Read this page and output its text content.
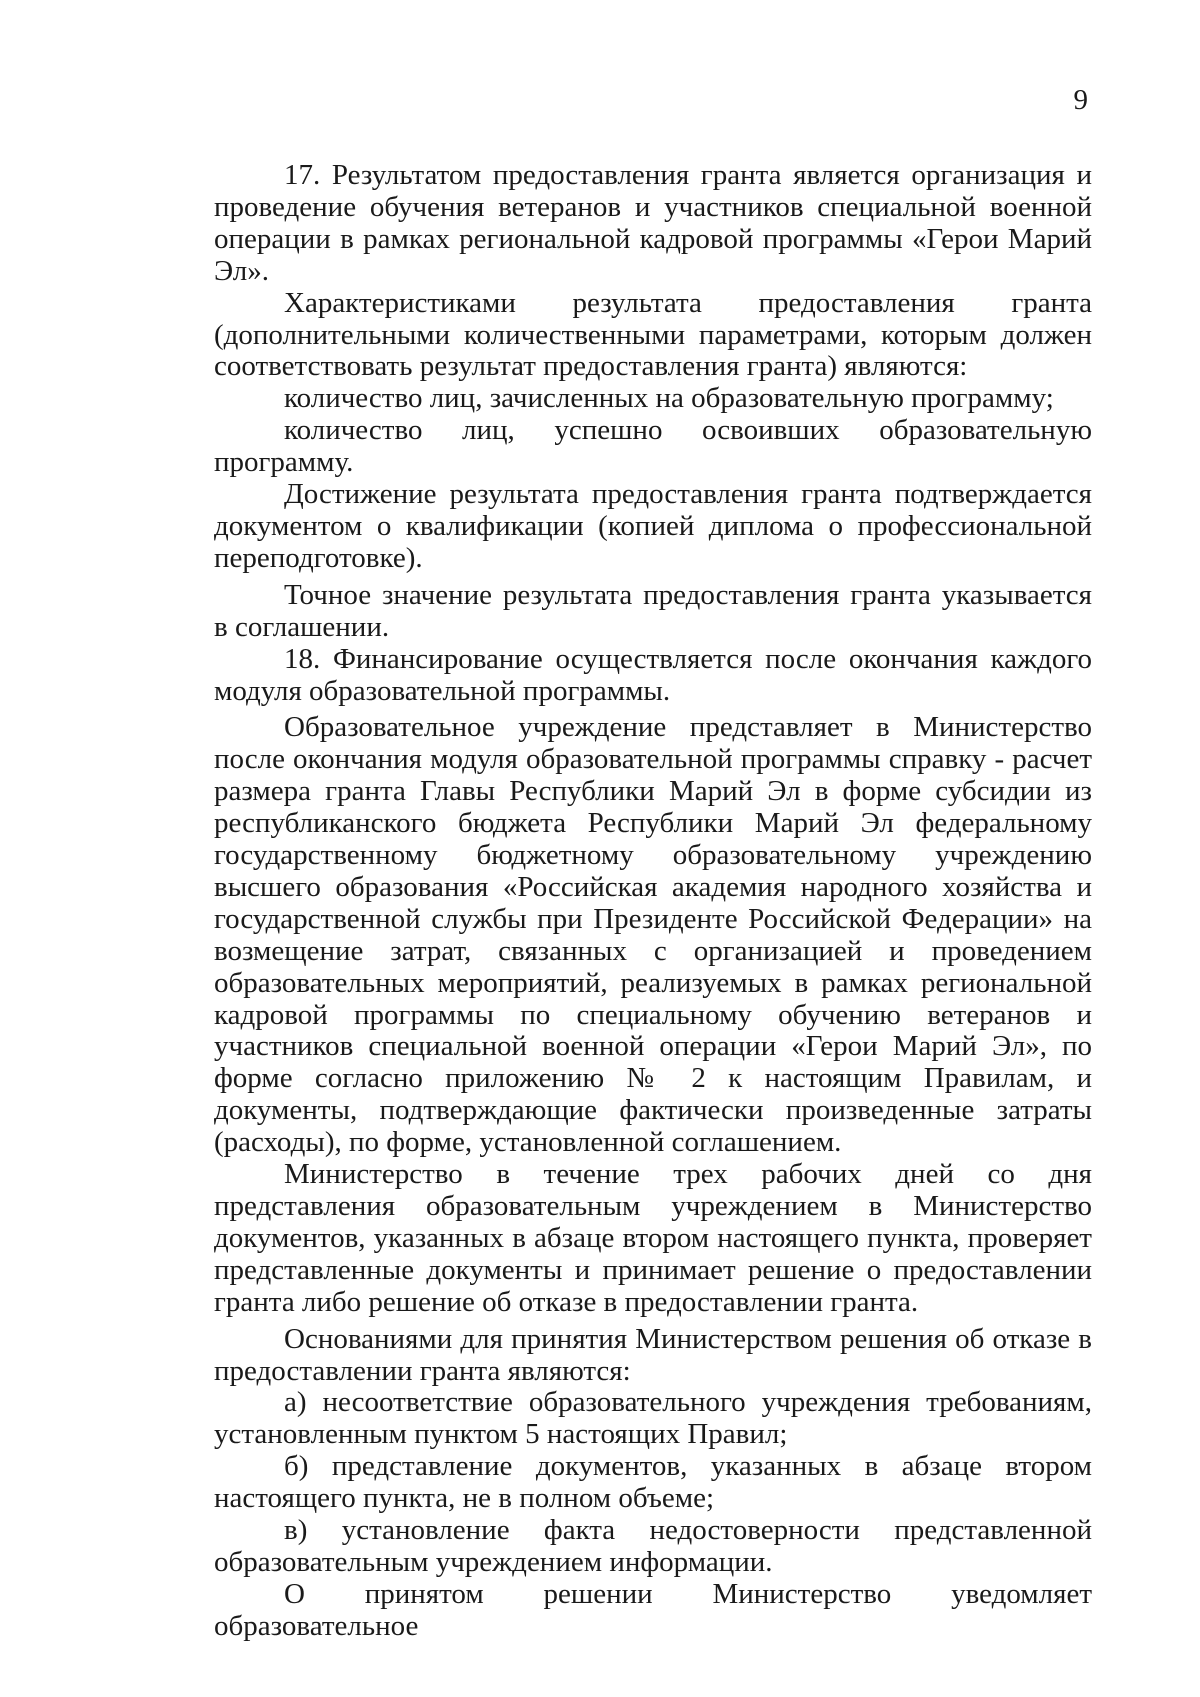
9

17. Результатом предоставления гранта является организация и проведение обучения ветеранов и участников специальной военной операции в рамках региональной кадровой программы «Герои Марий Эл».

Характеристиками результата предоставления гранта (дополнительными количественными параметрами, которым должен соответствовать результат предоставления гранта) являются:

количество лиц, зачисленных на образовательную программу;

количество лиц, успешно освоивших образовательную программу.

Достижение результата предоставления гранта подтверждается документом о квалификации (копией диплома о профессиональной переподготовке).

Точное значение результата предоставления гранта указывается в соглашении.

18. Финансирование осуществляется после окончания каждого модуля образовательной программы.

Образовательное учреждение представляет в Министерство после окончания модуля образовательной программы справку - расчет размера гранта Главы Республики Марий Эл в форме субсидии из республиканского бюджета Республики Марий Эл федеральному государственному бюджетному образовательному учреждению высшего образования «Российская академия народного хозяйства и государственной службы при Президенте Российской Федерации» на возмещение затрат, связанных с организацией и проведением образовательных мероприятий, реализуемых в рамках региональной кадровой программы по специальному обучению ветеранов и участников специальной военной операции «Герои Марий Эл», по форме согласно приложению № 2 к настоящим Правилам, и документы, подтверждающие фактически произведенные затраты (расходы), по форме, установленной соглашением.

Министерство в течение трех рабочих дней со дня представления образовательным учреждением в Министерство документов, указанных в абзаце втором настоящего пункта, проверяет представленные документы и принимает решение о предоставлении гранта либо решение об отказе в предоставлении гранта.

Основаниями для принятия Министерством решения об отказе в предоставлении гранта являются:

а) несоответствие образовательного учреждения требованиям, установленным пунктом 5 настоящих Правил;

б) представление документов, указанных в абзаце втором настоящего пункта, не в полном объеме;

в) установление факта недостоверности представленной образовательным учреждением информации.

О принятом решении Министерство уведомляет образовательное
